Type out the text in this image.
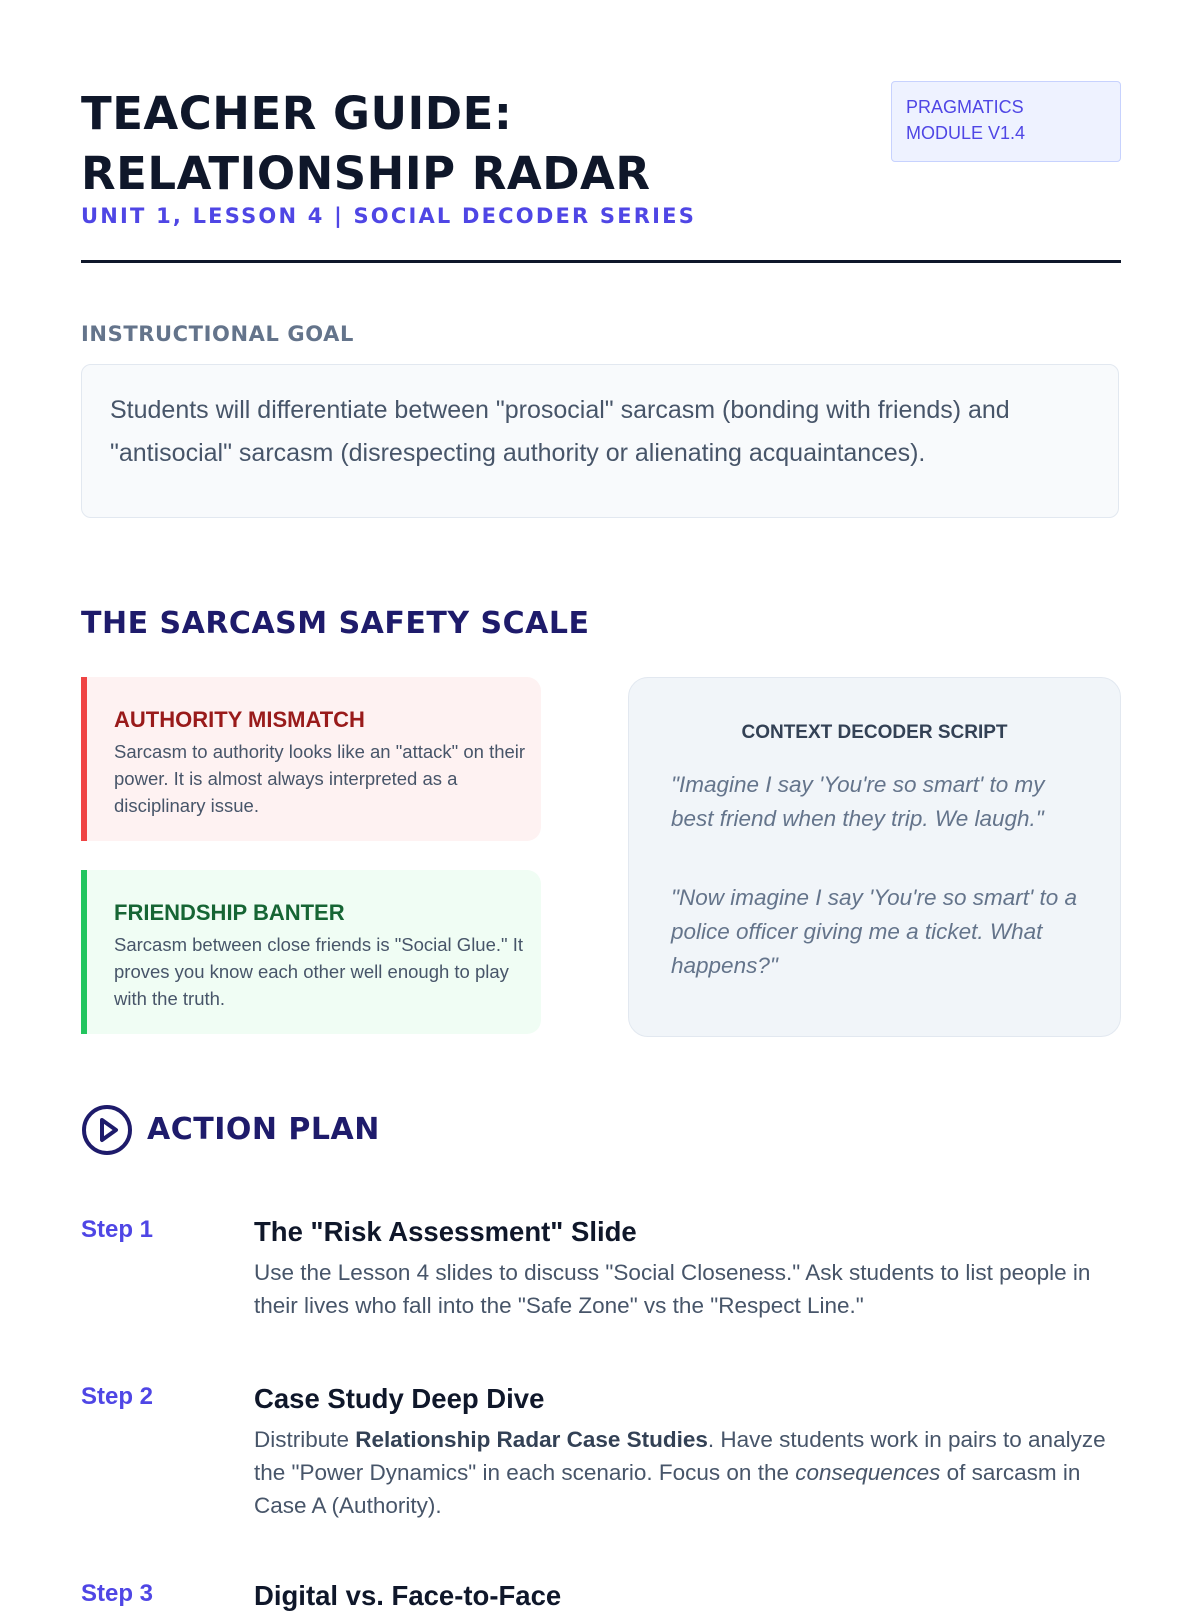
TEACHER GUIDE:
RELATIONSHIP RADAR
UNIT 1, LESSON 4 | SOCIAL DECODER SERIES
PRAGMATICS
MODULE V1.4
INSTRUCTIONAL GOAL
Students will differentiate between "prosocial" sarcasm (bonding with friends) and "antisocial" sarcasm (disrespecting authority or alienating acquaintances).
THE SARCASM SAFETY SCALE
AUTHORITY MISMATCH
Sarcasm to authority looks like an "attack" on their power. It is almost always interpreted as a disciplinary issue.
FRIENDSHIP BANTER
Sarcasm between close friends is "Social Glue." It proves you know each other well enough to play with the truth.
CONTEXT DECODER SCRIPT
"Imagine I say 'You're so smart' to my best friend when they trip. We laugh."
"Now imagine I say 'You're so smart' to a police officer giving me a ticket. What happens?"
ACTION PLAN
Step 1	The "Risk Assessment" Slide
Use the Lesson 4 slides to discuss "Social Closeness." Ask students to list people in their lives who fall into the "Safe Zone" vs the "Respect Line."
Step 2	Case Study Deep Dive
Distribute Relationship Radar Case Studies. Have students work in pairs to analyze the "Power Dynamics" in each scenario. Focus on the consequences of sarcasm in Case A (Authority).
Step 3	Digital vs. Face-to-Face
